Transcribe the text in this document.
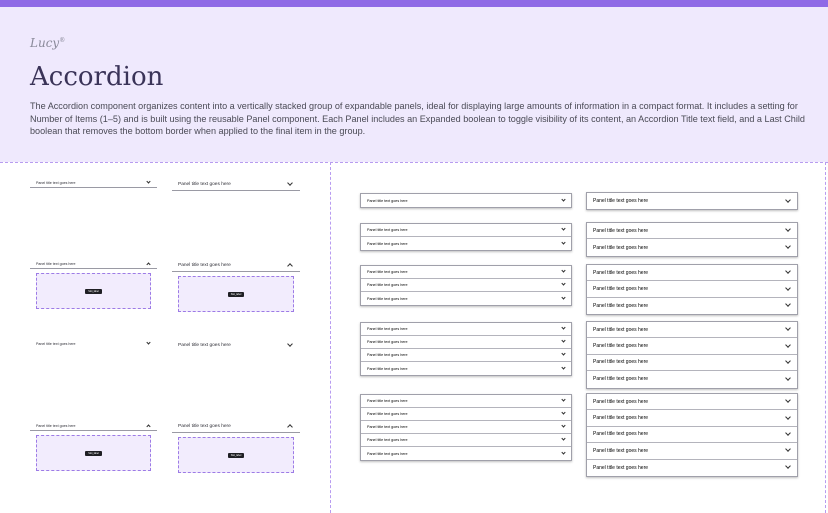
Lucy®
Accordion
The Accordion component organizes content into a vertically stacked group of expandable panels, ideal for displaying large amounts of information in a compact format. It includes a setting for Number of Items (1–5) and is built using the reusable Panel component. Each Panel includes an Expanded boolean to toggle visibility of its content, an Accordion Title text field, and a Last Child boolean that removes the bottom border when applied to the final item in the group.
Panel title text goes here
Panel title text goes here
Slot_label
Panel title text goes here
Panel title text goes here
Slot_label
Panel title text goes here
Panel title text goes here
Slot_label
Panel title text goes here
Panel title text goes here
Slot_label
Panel title text goes here
Panel title text goes here
Panel title text goes here
Panel title text goes here
Panel title text goes here
Panel title text goes here
Panel title text goes here
Panel title text goes here
Panel title text goes here
Panel title text goes here
Panel title text goes here
Panel title text goes here
Panel title text goes here
Panel title text goes here
Panel title text goes here
Panel title text goes here
Panel title text goes here
Panel title text goes here
Panel title text goes here
Panel title text goes here
Panel title text goes here
Panel title text goes here
Panel title text goes here
Panel title text goes here
Panel title text goes here
Panel title text goes here
Panel title text goes here
Panel title text goes here
Panel title text goes here
Panel title text goes here
